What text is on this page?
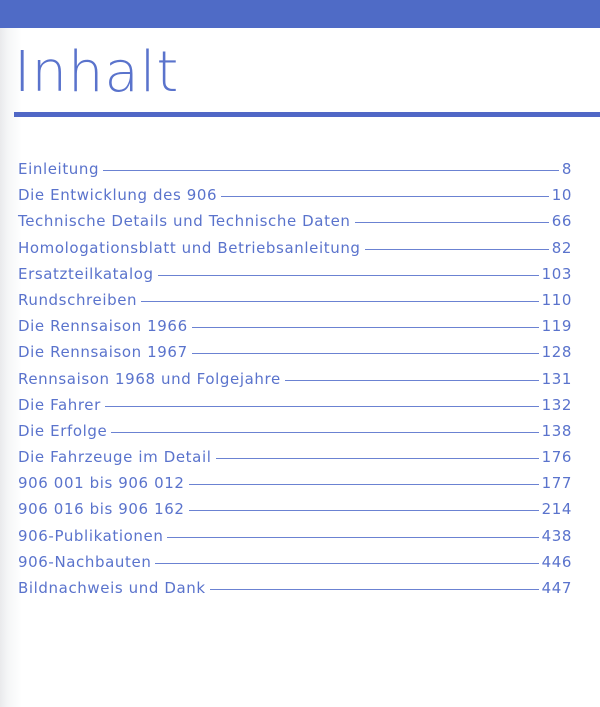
Inhalt
Einleitung	8
Die Entwicklung des 906	10
Technische Details und Technische Daten	66
Homologationsblatt und Betriebsanleitung	82
Ersatzteilkatalog	103
Rundschreiben	110
Die Rennsaison 1966	119
Die Rennsaison 1967	128
Rennsaison 1968 und Folgejahre	131
Die Fahrer	132
Die Erfolge	138
Die Fahrzeuge im Detail	176
906 001 bis 906 012	177
906 016 bis 906 162	214
906-Publikationen	438
906-Nachbauten	446
Bildnachweis und Dank	447
